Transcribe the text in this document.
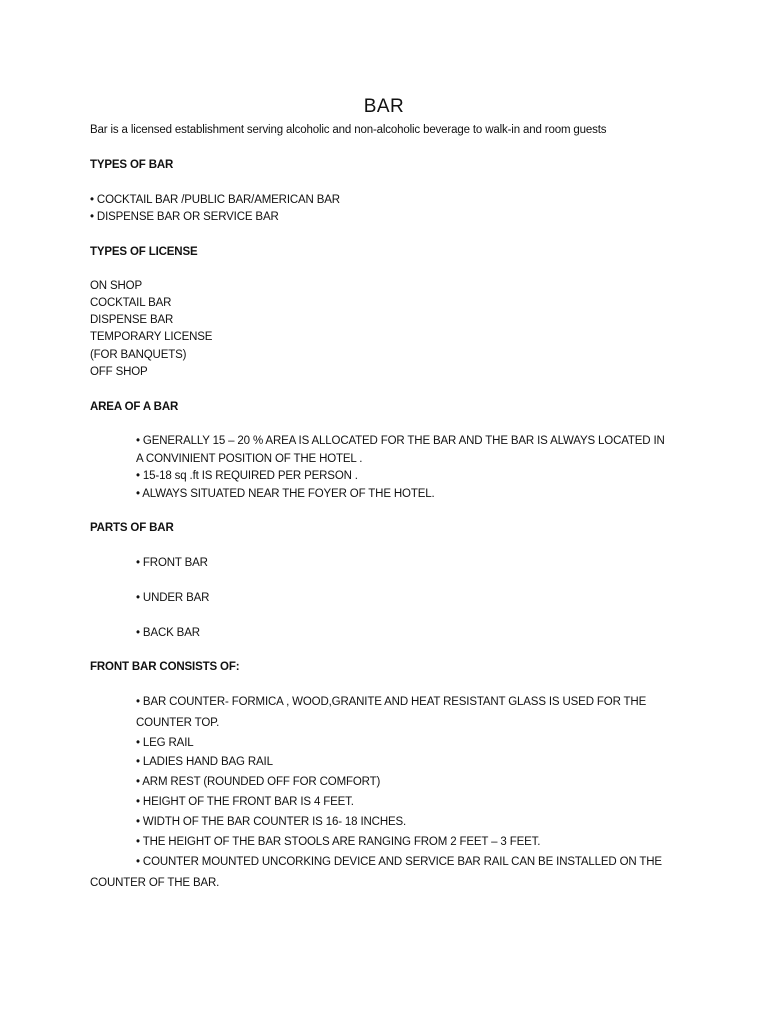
BAR
Bar is a licensed establishment serving alcoholic and non-alcoholic beverage to walk-in and room guests
TYPES OF BAR
• COCKTAIL BAR /PUBLIC BAR/AMERICAN BAR
• DISPENSE BAR OR SERVICE BAR
TYPES OF LICENSE
ON SHOP
COCKTAIL BAR
DISPENSE BAR
TEMPORARY LICENSE
(FOR BANQUETS)
OFF SHOP
AREA OF A BAR
• GENERALLY 15 – 20 % AREA IS ALLOCATED FOR THE BAR AND THE BAR IS ALWAYS LOCATED IN
A CONVINIENT POSITION OF THE HOTEL .
• 15-18 sq .ft IS REQUIRED PER PERSON .
• ALWAYS SITUATED NEAR THE FOYER OF THE HOTEL.
PARTS OF BAR
• FRONT BAR
• UNDER BAR
• BACK BAR
FRONT BAR CONSISTS OF:
• BAR COUNTER- FORMICA , WOOD,GRANITE AND HEAT RESISTANT GLASS IS USED FOR THE
COUNTER TOP.
• LEG RAIL
• LADIES HAND BAG RAIL
• ARM REST (ROUNDED OFF FOR COMFORT)
• HEIGHT OF THE FRONT BAR IS 4 FEET.
• WIDTH OF THE BAR COUNTER IS 16- 18 INCHES.
• THE HEIGHT OF THE BAR STOOLS ARE RANGING FROM 2 FEET – 3 FEET.
• COUNTER MOUNTED UNCORKING DEVICE AND SERVICE BAR RAIL CAN BE INSTALLED ON THE
COUNTER OF THE BAR.
